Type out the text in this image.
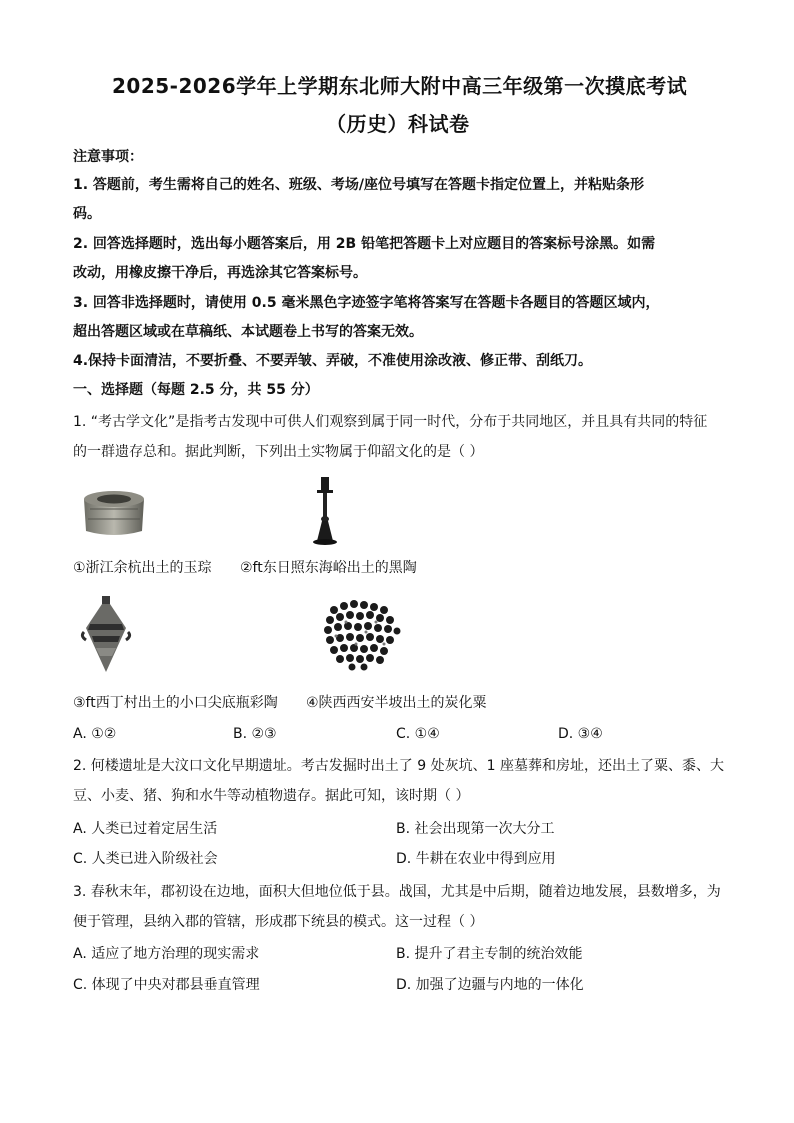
2025-2026学年上学期东北师大附中高三年级第一次摸底考试
（历史）科试卷
注意事项：
1. 答题前，考生需将自己的姓名、班级、考场/座位号填写在答题卡指定位置上，并粘贴条形
码。
2. 回答选择题时，选出每小题答案后，用 2B 铅笔把答题卡上对应题目的答案标号涂黑。如需
改动，用橡皮擦干净后，再选涂其它答案标号。
3. 回答非选择题时，请使用 0.5 毫米黑色字迹签字笔将答案写在答题卡各题目的答题区域内，
超出答题区域或在草稿纸、本试题卷上书写的答案无效。
4.保持卡面清洁，不要折叠、不要弄皱、弄破，不准使用涂改液、修正带、刮纸刀。
一、选择题（每题 2.5 分，共 55 分）
1. “考古学文化”是指考古发现中可供人们观察到属于同一时代，分布于共同地区，并且具有共同的特征
的一群遗存总和。据此判断，下列出土实物属于仰韶文化的是（ ）
①浙江余杭出土的玉琮 ②ft东日照东海峪出土的黑陶
③ft西丁村出土的小口尖底瓶彩陶 ④陕西西安半坡出土的炭化粟
A. ①②	B. ②③	C. ①④	D. ③④
2. 何楼遗址是大汶口文化早期遗址。考古发掘时出土了 9 处灰坑、1 座墓葬和房址，还出土了粟、黍、大
豆、小麦、猪、狗和水牛等动植物遗存。据此可知，该时期（ ）
A. 人类已过着定居生活	B. 社会出现第一次大分工
C. 人类已进入阶级社会	D. 牛耕在农业中得到应用
3. 春秋末年，郡初设在边地，面积大但地位低于县。战国，尤其是中后期，随着边地发展，县数增多，为
便于管理，县纳入郡的管辖，形成郡下统县的模式。这一过程（ ）
A. 适应了地方治理的现实需求	B. 提升了君主专制的统治效能
C. 体现了中央对郡县垂直管理	D. 加强了边疆与内地的一体化
